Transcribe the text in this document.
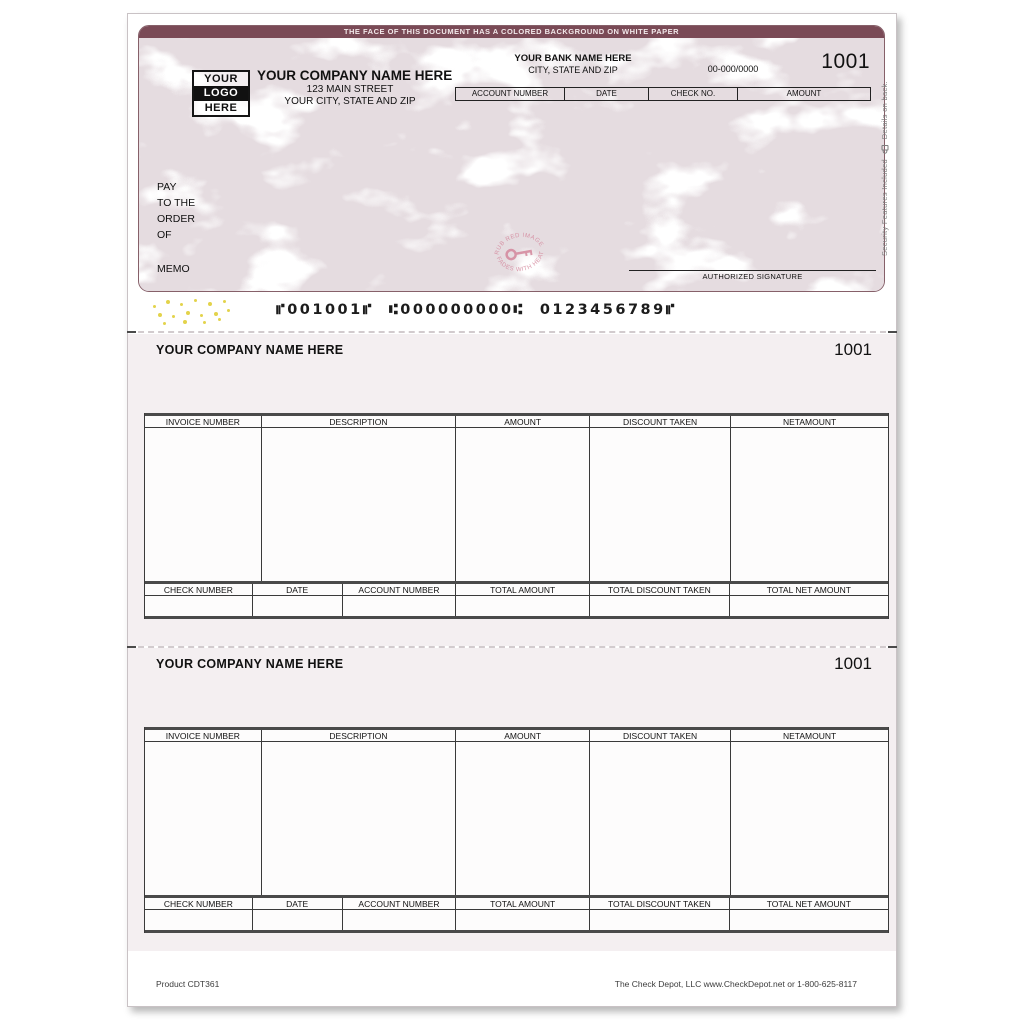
THE FACE OF THIS DOCUMENT HAS A COLORED BACKGROUND ON WHITE PAPER
YOUR
LOGO
HERE
YOUR COMPANY NAME HERE
123 MAIN STREET
YOUR CITY, STATE AND ZIP
YOUR BANK NAME HERE
CITY, STATE AND ZIP	00-000/0000	1001
ACCOUNT NUMBER	DATE	CHECK NO.	AMOUNT
PAY
TO THE
ORDER
OF
MEMO
RUB RED IMAGE
FADES WITH HEAT
AUTHORIZED SIGNATURE
Security Features Included  Details on back.
⑈001001⑈  ⑆000000000⑆  0123456789⑈
YOUR COMPANY NAME HERE	1001
INVOICE NUMBER	DESCRIPTION	AMOUNT	DISCOUNT TAKEN	NETAMOUNT
CHECK NUMBER	DATE	ACCOUNT NUMBER	TOTAL AMOUNT	TOTAL DISCOUNT TAKEN	TOTAL NET AMOUNT
YOUR COMPANY NAME HERE	1001
INVOICE NUMBER	DESCRIPTION	AMOUNT	DISCOUNT TAKEN	NETAMOUNT
CHECK NUMBER	DATE	ACCOUNT NUMBER	TOTAL AMOUNT	TOTAL DISCOUNT TAKEN	TOTAL NET AMOUNT
Product CDT361	The Check Depot, LLC www.CheckDepot.net or 1-800-625-8117
